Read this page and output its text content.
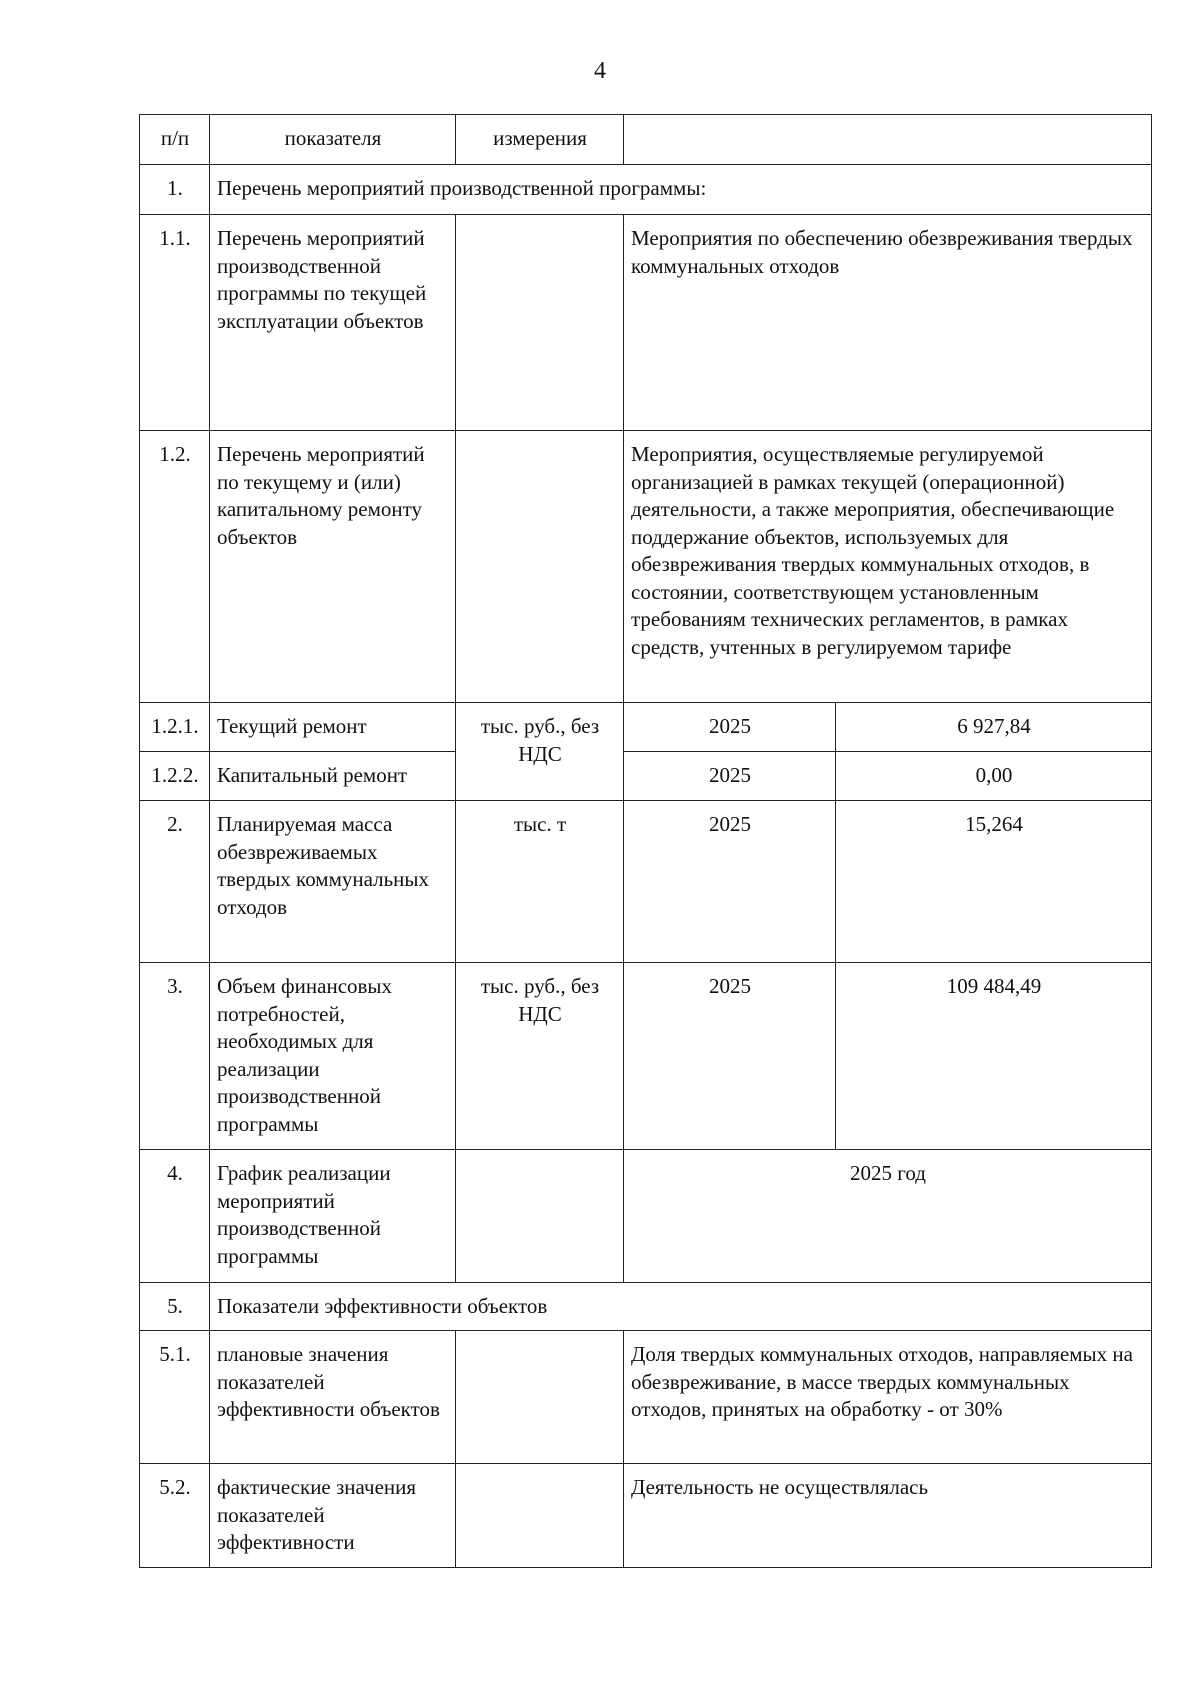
4
п/п	показателя	измерения		
1.	Перечень мероприятий производственной программы:			
1.1.	Перечень мероприятий производственной программы по текущей эксплуатации объектов		Мероприятия по обеспечению обезвреживания твердых коммунальных отходов	
1.2.	Перечень мероприятий по текущему и (или) капитальному ремонту объектов		Мероприятия, осуществляемые регулируемой организацией в рамках текущей (операционной) деятельности, а также мероприятия, обеспечивающие поддержание объектов, используемых для обезвреживания твердых коммунальных отходов, в состоянии, соответствующем установленным требованиям технических регламентов, в рамках средств, учтенных в регулируемом тарифе	
1.2.1.	Текущий ремонт	тыс. руб., без НДС	2025	6 927,84
1.2.2.	Капитальный ремонт		2025	0,00
2.	Планируемая масса обезвреживаемых твердых коммунальных отходов	тыс. т	2025	15,264
3.	Объем финансовых потребностей, необходимых для реализации производственной программы	тыс. руб., без НДС	2025	109 484,49
4.	График реализации мероприятий производственной программы		2025 год	
5.	Показатели эффективности объектов			
5.1.	плановые значения показателей эффективности объектов		Доля твердых коммунальных отходов, направляемых на обезвреживание, в массе твердых коммунальных отходов, принятых на обработку - от 30%	
5.2.	фактические значения показателей эффективности		Деятельность не осуществлялась	
